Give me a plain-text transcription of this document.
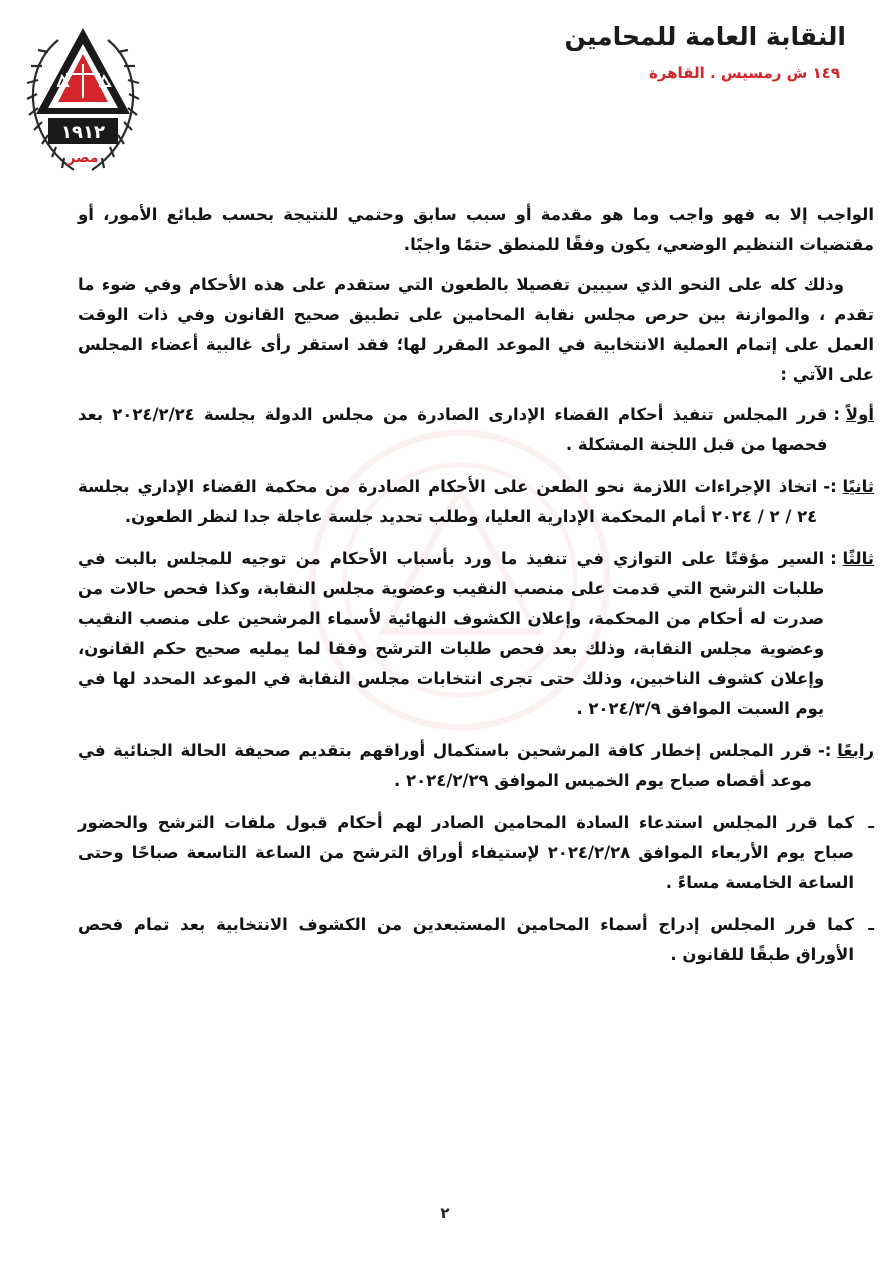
١٩١٢
مصر
النقابة العامة للمحامين
١٤٩ ش رمسيس . القاهرة

الواجب إلا به فهو واجب وما هو مقدمة أو سبب سابق وحتمي للنتيجة بحسب طبائع الأمور، أو مقتضيات التنظيم الوضعي، يكون وفقًا للمنطق حتمًا واجبًا.

وذلك كله على النحو الذي سيبين تفصيلا بالطعون التي ستقدم على هذه الأحكام وفي ضوء ما تقدم ، والموازنة بين حرص مجلس نقابة المحامين على تطبيق صحيح القانون وفي ذات الوقت العمل على إتمام العملية الانتخابية في الموعد المقرر لها؛ فقد استقر رأى غالبية أعضاء المجلس على الآتي :

أولاً :
قرر المجلس تنفيذ أحكام القضاء الإدارى الصادرة من مجلس الدولة بجلسة ٢٠٢٤/٢/٢٤ بعد فحصها من قبل اللجنة المشكلة .
ثانيًا :-
اتخاذ الإجراءات اللازمة نحو الطعن على الأحكام الصادرة من محكمة القضاء الإداري بجلسة ٢٤ / ٢ / ٢٠٢٤ أمام المحكمة الإدارية العليا، وطلب تحديد جلسة عاجلة جدا لنظر الطعون.
ثالثًا :
السير مؤقتًا على التوازي في تنفيذ ما ورد بأسباب الأحكام من توجيه للمجلس بالبت في طلبات الترشح التي قدمت على منصب النقيب وعضوية مجلس النقابة، وكذا فحص حالات من صدرت له أحكام من المحكمة، وإعلان الكشوف النهائية لأسماء المرشحين على منصب النقيب وعضوية مجلس النقابة، وذلك بعد فحص طلبات الترشح وفقا لما يمليه صحيح حكم القانون، وإعلان كشوف الناخبين، وذلك حتى تجرى انتخابات مجلس النقابة في الموعد المحدد لها في يوم السبت الموافق ٢٠٢٤/٣/٩ .
رابعًا :-
قرر المجلس إخطار كافة المرشحين باستكمال أوراقهم بتقديم صحيفة الحالة الجنائية في موعد أقصاه صباح يوم الخميس الموافق ٢٠٢٤/٢/٢٩ .
ـ
كما قرر المجلس استدعاء السادة المحامين الصادر لهم أحكام قبول ملفات الترشح والحضور صباح يوم الأربعاء الموافق ٢٠٢٤/٢/٢٨ لإستيفاء أوراق الترشح من الساعة التاسعة صباحًا وحتى الساعة الخامسة مساءً .
ـ
كما قرر المجلس إدراج أسماء المحامين المستبعدين من الكشوف الانتخابية بعد تمام فحص الأوراق طبقًا للقانون .
٢
